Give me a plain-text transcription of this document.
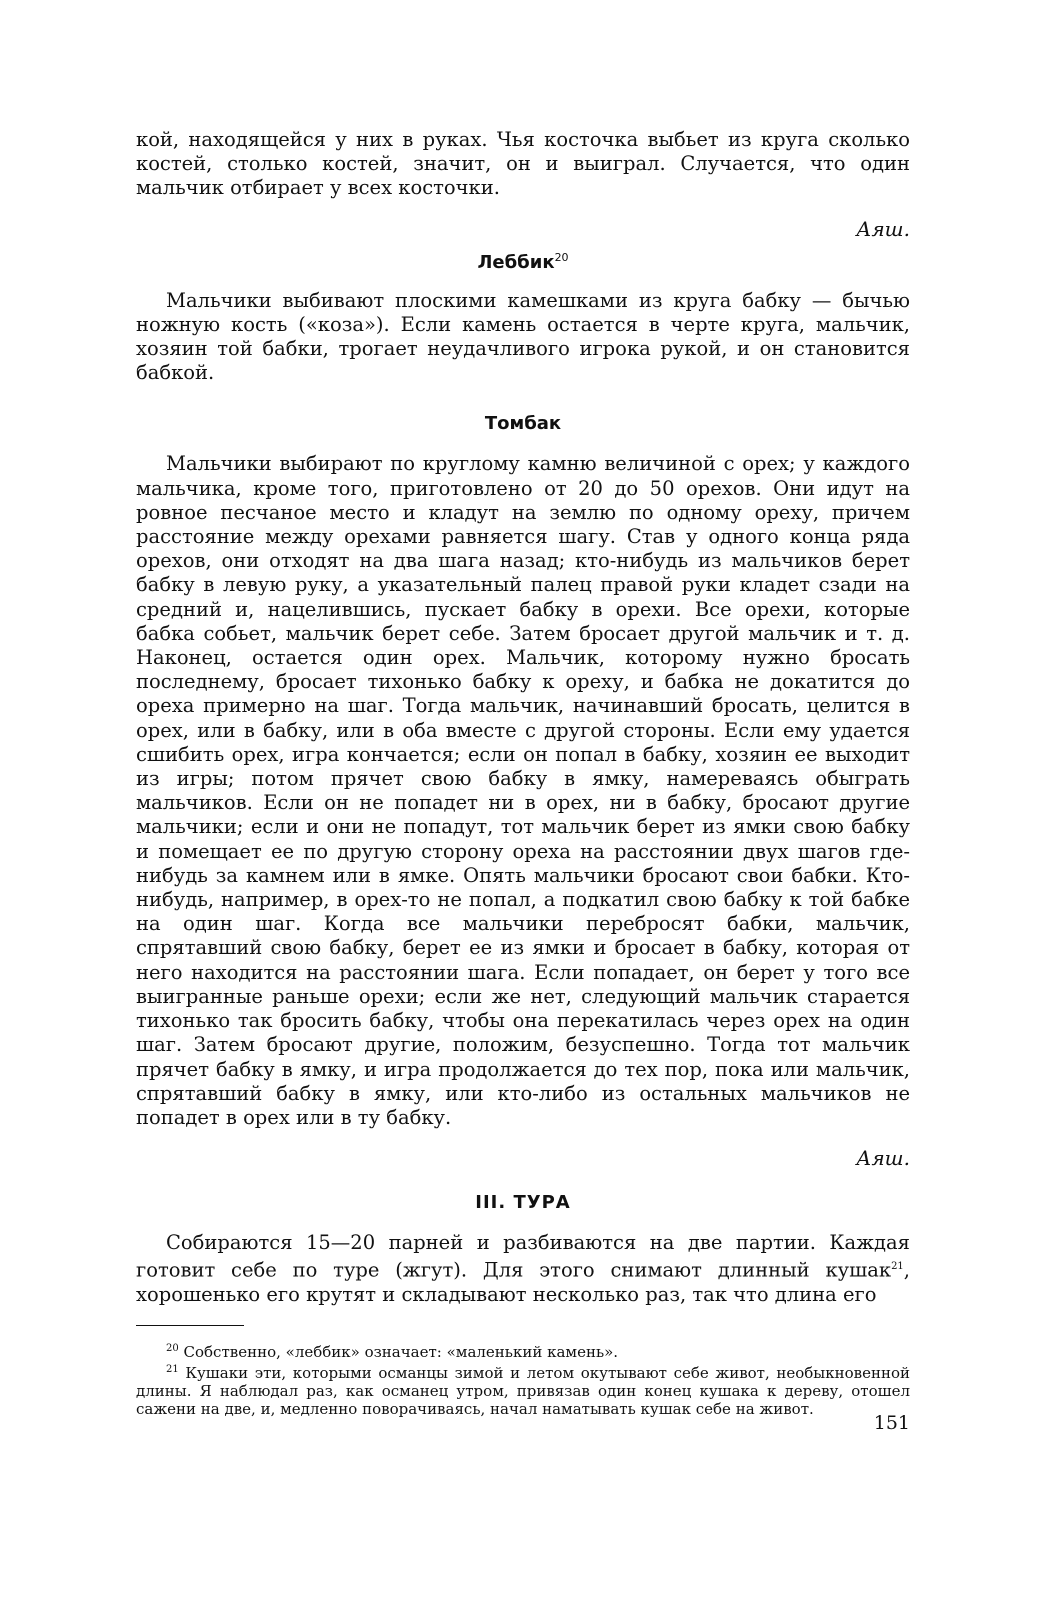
кой, находящейся у них в руках. Чья косточка выбьет из круга сколько костей, столько костей, значит, он и выиграл. Случается, что один мальчик отбирает у всех косточки.

Аяш.

Леббик$^{20}$

Мальчики выбивают плоскими камешками из круга бабку — бычью ножную кость («коза»). Если камень остается в черте круга, мальчик, хозяин той бабки, трогает неудачливого игрока рукой, и он становится бабкой.

Томбак

Мальчики выбирают по круглому камню величиной с орех; у каждого мальчика, кроме того, приготовлено от 20 до 50 орехов. Они идут на ровное песчаное место и кладут на землю по одному ореху, причем расстояние между орехами равняется шагу. Став у одного конца ряда орехов, они отходят на два шага назад; кто-нибудь из мальчиков берет бабку в левую руку, а указательный палец правой руки кладет сзади на средний и, нацелившись, пускает бабку в орехи. Все орехи, которые бабка собьет, мальчик берет себе. Затем бросает другой мальчик и т. д. Наконец, остается один орех. Мальчик, которому нужно бросать последнему, бросает тихонько бабку к ореху, и бабка не докатится до ореха примерно на шаг. Тогда мальчик, начинавший бросать, целится в орех, или в бабку, или в оба вместе с другой стороны. Если ему удается сшибить орех, игра кончается; если он попал в бабку, хозяин ее выходит из игры; потом прячет свою бабку в ямку, намереваясь обыграть мальчиков. Если он не попадет ни в орех, ни в бабку, бросают другие мальчики; если и они не попадут, тот мальчик берет из ямки свою бабку и помещает ее по другую сторону ореха на расстоянии двух шагов где-нибудь за камнем или в ямке. Опять мальчики бросают свои бабки. Кто-нибудь, например, в орех-то не попал, а подкатил свою бабку к той бабке на один шаг. Когда все мальчики перебросят бабки, мальчик, спрятавший свою бабку, берет ее из ямки и бросает в бабку, которая от него находится на расстоянии шага. Если попадает, он берет у того все выигранные раньше орехи; если же нет, следующий мальчик старается тихонько так бросить бабку, чтобы она перекатилась через орех на один шаг. Затем бросают другие, положим, безуспешно. Тогда тот мальчик прячет бабку в ямку, и игра продолжается до тех пор, пока или мальчик, спрятавший бабку в ямку, или кто-либо из остальных мальчиков не попадет в орех или в ту бабку.

Аяш.

III. ТУРА

Собираются 15—20 парней и разбиваются на две партии. Каждая готовит себе по туре (жгут). Для этого снимают длинный кушак$^{21}$, хорошенько его крутят и складывают несколько раз, так что длина его

$^{20}$ Собственно, «леббик» означает: «маленький камень».

$^{21}$ Кушаки эти, которыми османцы зимой и летом окутывают себе живот, необыкновенной длины. Я наблюдал раз, как османец утром, привязав один конец кушака к дереву, отошел сажени на две, и, медленно поворачиваясь, начал наматывать кушак себе на живот.

151
